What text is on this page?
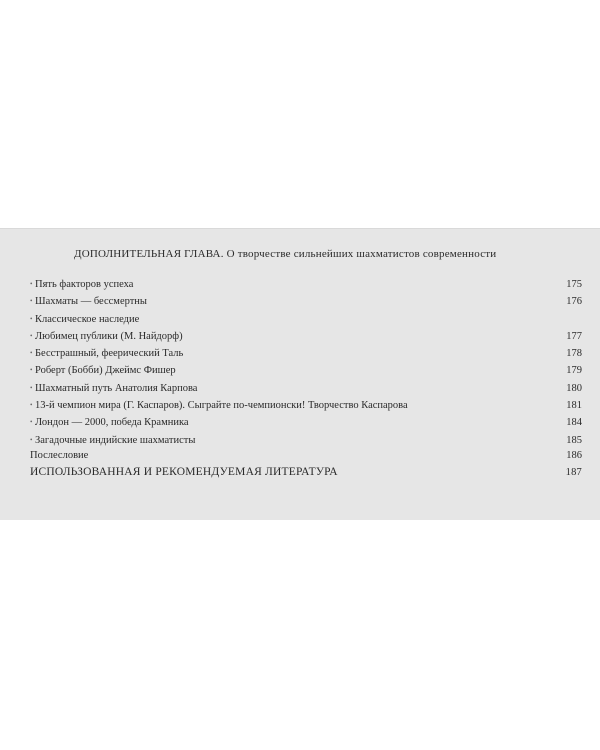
ДОПОЛНИТЕЛЬНАЯ ГЛАВА. О творчестве сильнейших шахматистов современности
• Пять факторов успеха	175
• Шахматы — бессмертны	176
• Классическое наследие
• Любимец публики (М. Найдорф)	177
• Бесстрашный, феерический Таль	178
• Роберт (Бобби) Джеймс Фишер	179
• Шахматный путь Анатолия Карпова	180
• 13-й чемпион мира (Г. Каспаров). Сыграйте по-чемпионски! Творчество Каспарова	181
• Лондон — 2000, победа Крамника	184
• Загадочные индийские шахматисты	185
Послесловие	186
ИСПОЛЬЗОВАННАЯ И РЕКОМЕНДУЕМАЯ ЛИТЕРАТУРА	187
